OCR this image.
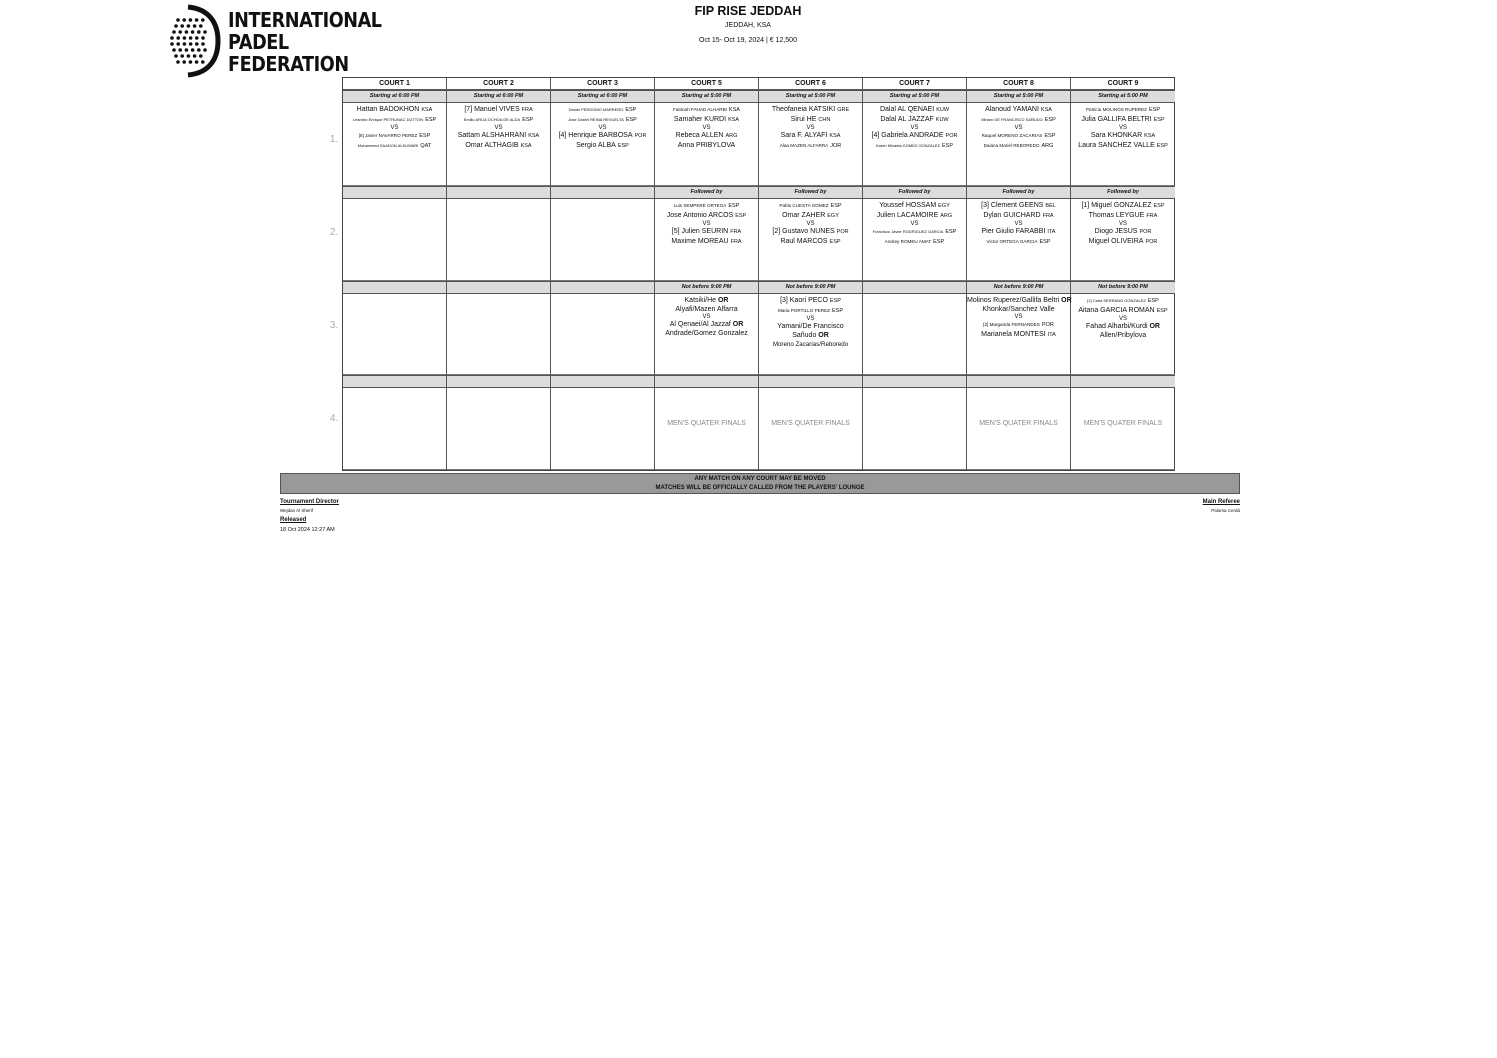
INTERNATIONAL
PADEL
FEDERATION
FIP RISE JEDDAH
JEDDAH, KSA
Oct 15- Oct 19, 2024 | € 12,500
1.
2.
3.
4.
COURT 1
Starting at 6:00 PM
Hattan BADOKHON KSA
Leandro Enrique PETRUNAC DUTTON ESP
VS
[8] Javier NAVARRO PEREZ ESP
Mohammed SAADON ALKUWARI QAT
COURT 2
Starting at 6:00 PM
[7] Manuel VIVES FRA
Emilio ARIJA OCHOA DE ALDA ESP
VS
Sattam ALSHAHRANI KSA
Omar ALTHAGIB KSA
COURT 3
Starting at 6:00 PM
Daniel PERDOMO MARRERO ESP
Jose Daniel REINA REVUELTA ESP
VS
[4] Henrique BARBOSA POR
Sergio ALBA ESP
COURT 5
Starting at 5:00 PM
Followed by
Not before 9:00 PM
Fatimah FAHAD ALHARBI KSA
Samaher KURDI KSA
VS
Rebeca ALLEN ARG
Anna PRIBYLOVA
Luis SEMPERE ORTEGA ESP
Jose Antonio ARCOS ESP
VS
[5] Julien SEURIN FRA
Maxime MOREAU FRA
Katsiki/He OR
Alyafi/Mazen Alfarra
VS
Al Qenaei/Al Jazzaf OR
Andrade/Gomez Gonzalez
MEN'S QUATER FINALS
COURT 6
Starting at 5:00 PM
Followed by
Not before 9:00 PM
Theofaneia KATSIKI GRE
Sirui HE CHN
VS
Sara F. ALYAFI KSA
Alaa MAZEN ALFARRA JOR
Pablo CUESTA GOMEZ ESP
Omar ZAHER EGY
VS
[2] Gustavo NUNES POR
Raul MARCOS ESP
[3] Kaori PECO ESP
Maria PORTILLO PEREZ ESP
VS
Yamani/De Francisco
Sañudo OR
Moreno Zacarias/Reboredo
MEN'S QUATER FINALS
COURT 7
Starting at 5:00 PM
Followed by
Dalal AL QENAEI KUW
Dalal AL JAZZAF KUW
VS
[4] Gabriela ANDRADE POR
Karen Micaela GOMEZ GONZALEZ ESP
Youssef HOSSAM EGY
Julien LACAMOIRE ARG
VS
Francisco Javier RODRIGUEZ GARCIA ESP
Andrey ROMEU AMAT ESP
COURT 8
Starting at 5:00 PM
Followed by
Not before 9:00 PM
Alanoud YAMANI KSA
Miriam DE FRANCISCO SAÑUDO ESP
VS
Raquel MORENO ZACARIAS ESP
Daiana Mariel REBOREDO ARG
[3] Clement GEENS BEL
Dylan GUICHARD FRA
VS
Pier Giulio FARABBI ITA
Victor ORTEGA GARCIA ESP
Molinos Ruperez/Gallifa Beltri OR
Khonkar/Sanchez Valle
VS
[2] Margarida FERNANDES POR
Marianela MONTESI ITA
MEN'S QUATER FINALS
COURT 9
Starting at 5:00 PM
Followed by
Not before 9:00 PM
Patricia MOLINOS RUPEREZ ESP
Julia GALLIFA BELTRI ESP
VS
Sara KHONKAR KSA
Laura SANCHEZ VALLE ESP
[1] Miguel GONZALEZ ESP
Thomas LEYGUE FRA
VS
Diogo JESUS POR
Miguel OLIVEIRA POR
[1] Carla SERRANO GONZALEZ ESP
Aitana GARCIA ROMAN ESP
VS
Fahad Alharbi/Kurdi OR
Allen/Pribylova
MEN'S QUATER FINALS
ANY MATCH ON ANY COURT MAY BE MOVED
MATCHES WILL BE OFFICIALLY CALLED FROM THE PLAYERS' LOUNGE
Tournament Director
Wejdan Al Sherif
Released
18 Oct 2024 12:27 AM
Main Referee
Paloma Cerdá
